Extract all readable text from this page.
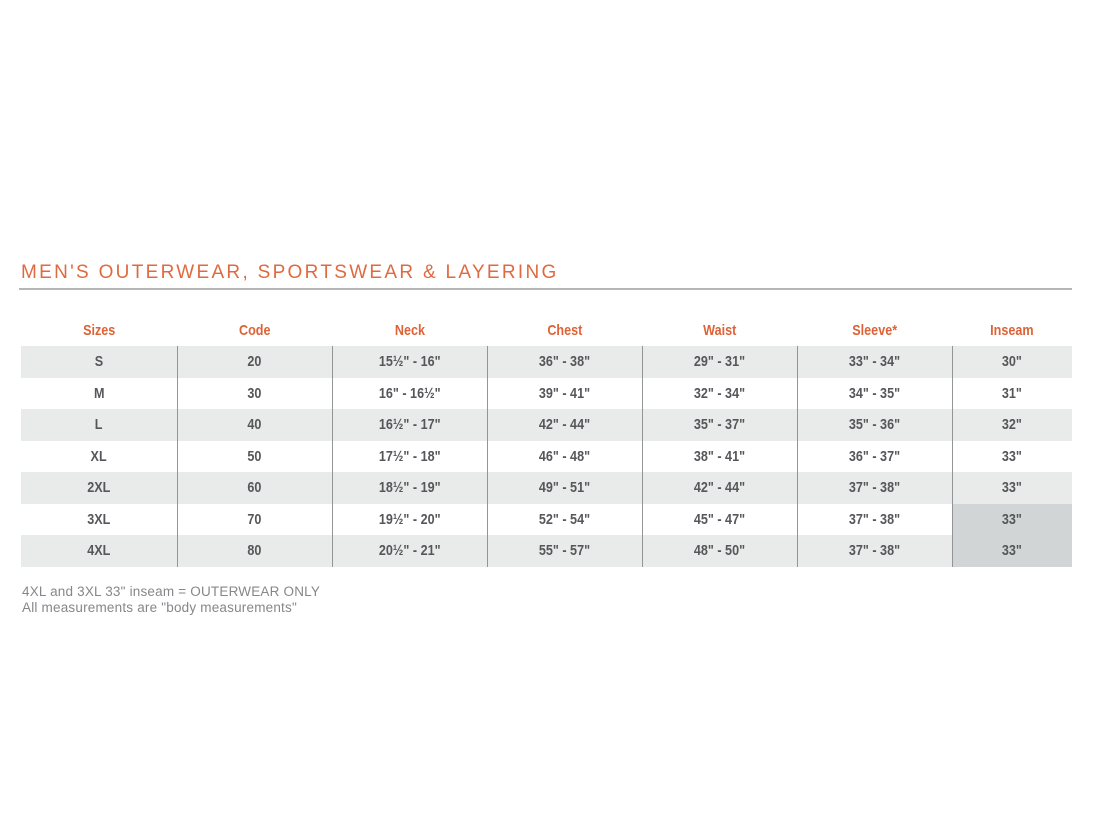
MEN'S OUTERWEAR, SPORTSWEAR & LAYERING
Sizes	Code	Neck	Chest	Waist	Sleeve*	Inseam
S	20	15½" - 16"	36" - 38"	29" - 31"	33" - 34"	30"
M	30	16" - 16½"	39" - 41"	32" - 34"	34" - 35"	31"
L	40	16½" - 17"	42" - 44"	35" - 37"	35" - 36"	32"
XL	50	17½" - 18"	46" - 48"	38" - 41"	36" - 37"	33"
2XL	60	18½" - 19"	49" - 51"	42" - 44"	37" - 38"	33"
3XL	70	19½" - 20"	52" - 54"	45" - 47"	37" - 38"	33"
4XL	80	20½" - 21"	55" - 57"	48" - 50"	37" - 38"	33"

4XL and 3XL 33" inseam = OUTERWEAR ONLY

All measurements are "body measurements"
